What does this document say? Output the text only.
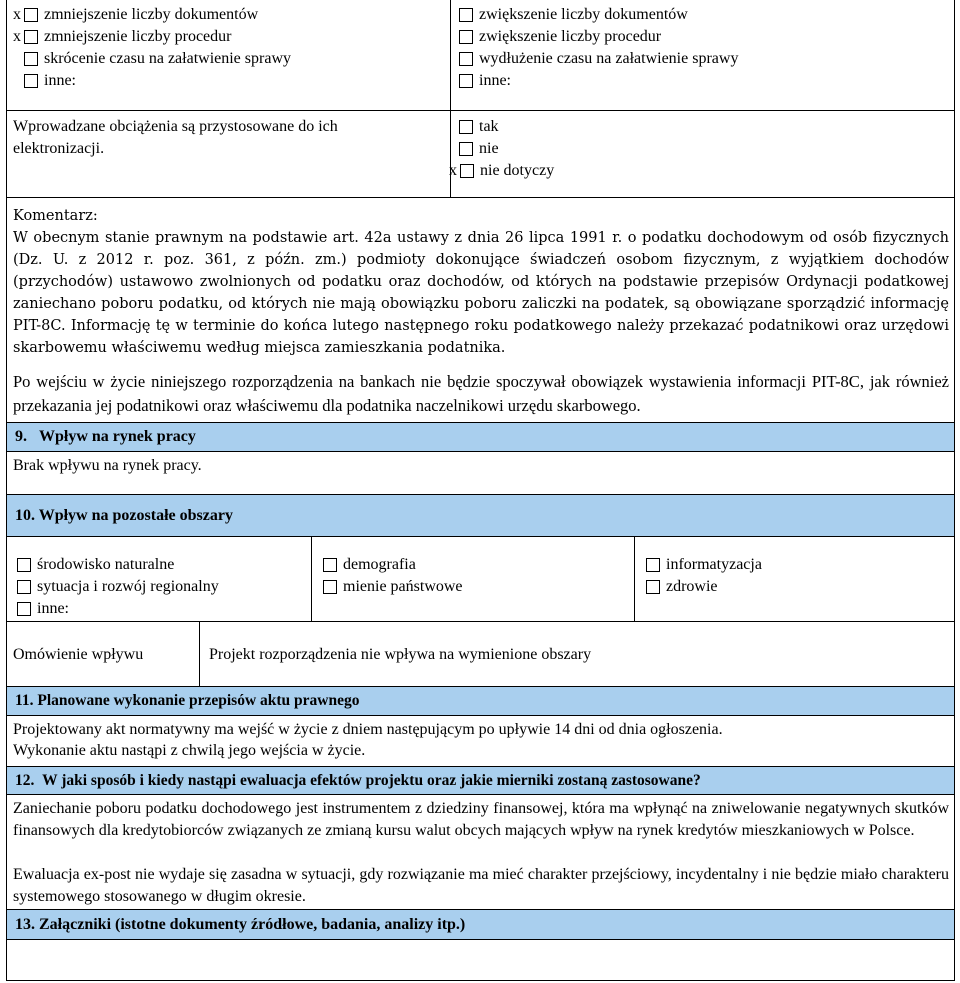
x zmniejszenie liczby dokumentów
x zmniejszenie liczby procedur
skrócenie czasu na załatwienie sprawy
inne:
zwiększenie liczby dokumentów
zwiększenie liczby procedur
wydłużenie czasu na załatwienie sprawy
inne:
Wprowadzane obciążenia są przystosowane do ich elektronizacji.
tak
nie
x nie dotyczy
Komentarz:
W obecnym stanie prawnym na podstawie art. 42a ustawy z dnia 26 lipca 1991 r. o podatku dochodowym od osób fizycznych (Dz. U. z 2012 r. poz. 361, z późn. zm.) podmioty dokonujące świadczeń osobom fizycznym, z wyjątkiem dochodów (przychodów) ustawowo zwolnionych od podatku oraz dochodów, od których na podstawie przepisów Ordynacji podatkowej zaniechano poboru podatku, od których nie mają obowiązku poboru zaliczki na podatek, są obowiązane sporządzić informację PIT-8C. Informację tę w terminie do końca lutego następnego roku podatkowego należy przekazać podatnikowi oraz urzędowi skarbowemu właściwemu według miejsca zamieszkania podatnika.
Po wejściu w życie niniejszego rozporządzenia na bankach nie będzie spoczywał obowiązek wystawienia informacji PIT-8C, jak również przekazania jej podatnikowi oraz właściwemu dla podatnika naczelnikowi urzędu skarbowego.
9.   Wpływ na rynek pracy
Brak wpływu na rynek pracy.
10. Wpływ na pozostałe obszary
środowisko naturalne
sytuacja i rozwój regionalny
inne:
demografia
mienie państwowe
informatyzacja
zdrowie
Omówienie wpływu	Projekt rozporządzenia nie wpływa na wymienione obszary
11. Planowane wykonanie przepisów aktu prawnego
Projektowany akt normatywny ma wejść w życie z dniem następującym po upływie 14 dni od dnia ogłoszenia.
Wykonanie aktu nastąpi z chwilą jego wejścia w życie.
12.  W jaki sposób i kiedy nastąpi ewaluacja efektów projektu oraz jakie mierniki zostaną zastosowane?
Zaniechanie poboru podatku dochodowego jest instrumentem z dziedziny finansowej, która ma wpłynąć na zniwelowanie negatywnych skutków finansowych dla kredytobiorców związanych ze zmianą kursu walut obcych mających wpływ na rynek kredytów mieszkaniowych w Polsce.
Ewaluacja ex-post nie wydaje się zasadna w sytuacji, gdy rozwiązanie ma mieć charakter przejściowy, incydentalny i nie będzie miało charakteru systemowego stosowanego w długim okresie.
13. Załączniki (istotne dokumenty źródłowe, badania, analizy itp.)
